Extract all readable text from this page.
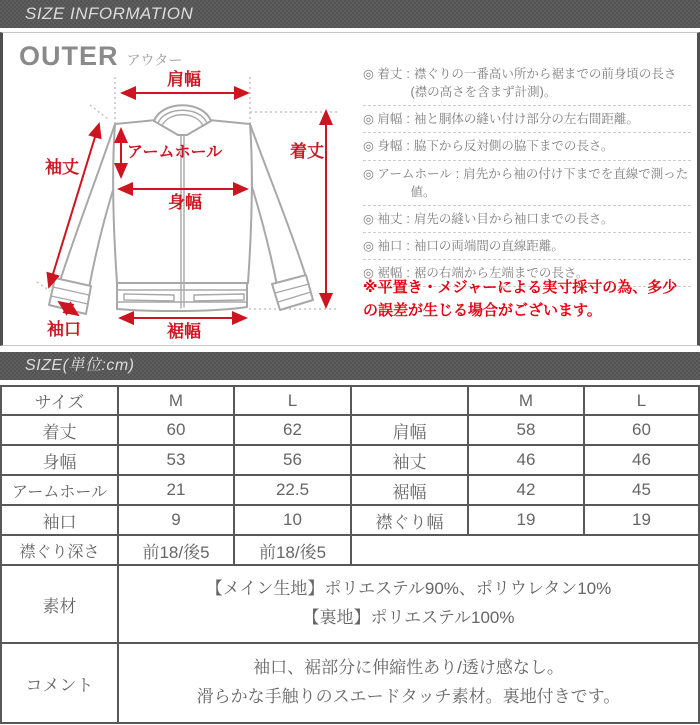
SIZE INFORMATION
OUTER アウター
肩幅
着丈
アームホール
身幅
袖丈
袖口	裾幅
◎ 着丈 : 襟ぐりの一番高い所から裾までの前身頃の長さ(襟の高さを含まず計測)。
◎ 肩幅 : 袖と胴体の縫い付け部分の左右間距離。
◎ 身幅 : 脇下から反対側の脇下までの長さ。
◎ アームホール : 肩先から袖の付け下までを直線で測った値。
◎ 袖丈 : 肩先の縫い目から袖口までの長さ。
◎ 袖口 : 袖口の両端間の直線距離。
◎ 裾幅 : 裾の右端から左端までの長さ。
※平置き・メジャーによる実寸採寸の為、多少の誤差が生じる場合がございます。
SIZE(単位:cm)
サイズ	M	L		M	L
着丈	60	62	肩幅	58	60
身幅	53	56	袖丈	46	46
アームホール	21	22.5	裾幅	42	45
袖口	9	10	襟ぐり幅	19	19
襟ぐり深さ	前18/後5	前18/後5			
素材	【メイン生地】ポリエステル90%、ポリウレタン10%
【裏地】ポリエステル100%				

コメント	袖口、裾部分に伸縮性あり/透け感なし。
滑らかな手触りのスエードタッチ素材。裏地付きです。				
